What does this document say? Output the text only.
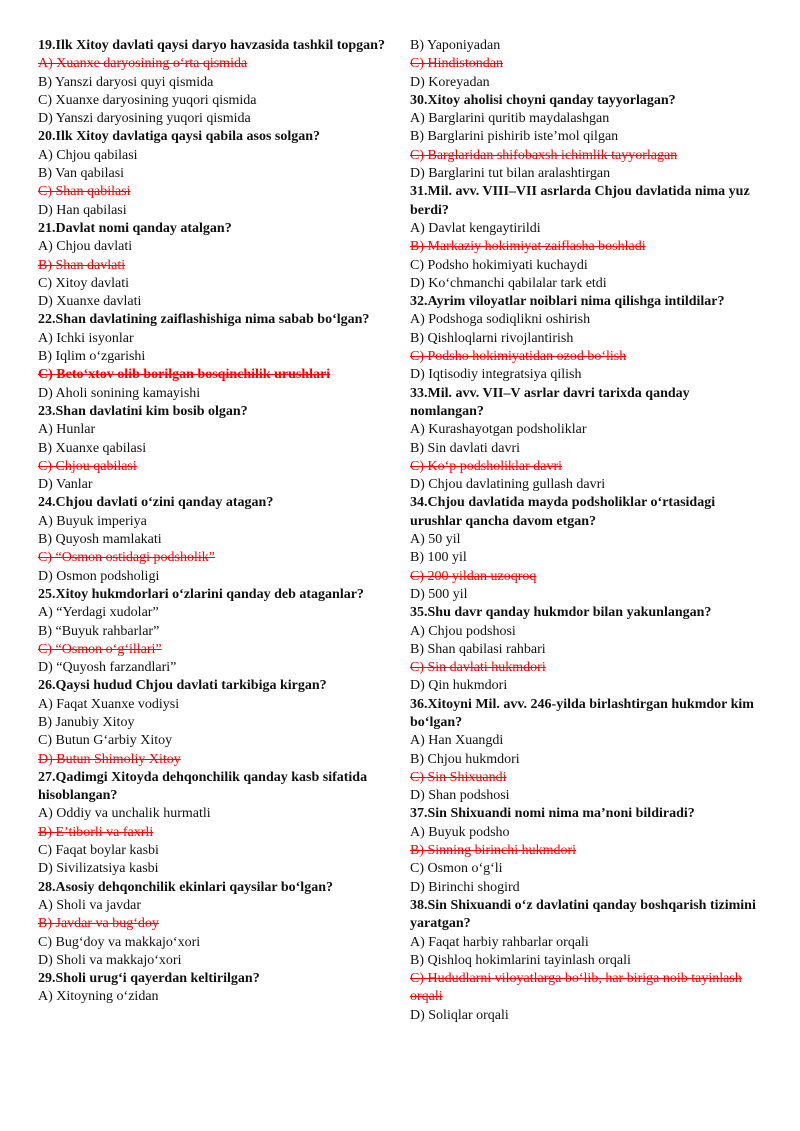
19.Ilk Xitoy davlati qaysi daryo havzasida tashkil topgan?
A) Xuanxe daryosining o‘rta qismida
B) Yanszi daryosi quyi qismida
C) Xuanxe daryosining yuqori qismida
D) Yanszi daryosining yuqori qismida
20.Ilk Xitoy davlatiga qaysi qabila asos solgan?
A) Chjou qabilasi
B) Van qabilasi
C) Shan qabilasi
D) Han qabilasi
21.Davlat nomi qanday atalgan?
A) Chjou davlati
B) Shan davlati
C) Xitoy davlati
D) Xuanxe davlati
22.Shan davlatining zaiflashishiga nima sabab bo‘lgan?
A) Ichki isyonlar
B) Iqlim o‘zgarishi
C) Beto‘xtov olib borilgan bosqinchilik urushlari
D) Aholi sonining kamayishi
23.Shan davlatini kim bosib olgan?
A) Hunlar
B) Xuanxe qabilasi
C) Chjou qabilasi
D) Vanlar
24.Chjou davlati o‘zini qanday atagan?
A) Buyuk imperiya
B) Quyosh mamlakati
C) “Osmon ostidagi podsholik”
D) Osmon podsholigi
25.Xitoy hukmdorlari o‘zlarini qanday deb ataganlar?
A) “Yerdagi xudolar”
B) “Buyuk rahbarlar”
C) “Osmon o‘g‘illari”
D) “Quyosh farzandlari”
26.Qaysi hudud Chjou davlati tarkibiga kirgan?
A) Faqat Xuanxe vodiysi
B) Janubiy Xitoy
C) Butun G‘arbiy Xitoy
D) Butun Shimoliy Xitoy
27.Qadimgi Xitoyda dehqonchilik qanday kasb sifatida hisoblangan?
A) Oddiy va unchalik hurmatli
B) E’tiborli va faxrli
C) Faqat boylar kasbi
D) Sivilizatsiya kasbi
28.Asosiy dehqonchilik ekinlari qaysilar bo‘lgan?
A) Sholi va javdar
B) Javdar va bug‘doy
C) Bug‘doy va makkajo‘xori
D) Sholi va makkajo‘xori
29.Sholi urug‘i qayerdan keltirilgan?
A) Xitoyning o‘zidan
B) Yaponiyadan
C) Hindistondan
D) Koreyadan
30.Xitoy aholisi choyni qanday tayyorlagan?
A) Barglarini quritib maydalashgan
B) Barglarini pishirib iste’mol qilgan
C) Barglaridan shifobaxsh ichimlik tayyorlagan
D) Barglarini tut bilan aralashtirgan
31.Mil. avv. VIII–VII asrlarda Chjou davlatida nima yuz berdi?
A) Davlat kengaytirildi
B) Markaziy hokimiyat zaiflasha boshladi
C) Podsho hokimiyati kuchaydi
D) Ko‘chmanchi qabilalar tark etdi
32.Ayrim viloyatlar noiblari nima qilishga intildilar?
A) Podshoga sodiqlikni oshirish
B) Qishloqlarni rivojlantirish
C) Podsho hokimiyatidan ozod bo‘lish
D) Iqtisodiy integratsiya qilish
33.Mil. avv. VII–V asrlar davri tarixda qanday nomlangan?
A) Kurashayotgan podsholiklar
B) Sin davlati davri
C) Ko‘p podsholiklar davri
D) Chjou davlatining gullash davri
34.Chjou davlatida mayda podsholiklar o‘rtasidagi urushlar qancha davom etgan?
A) 50 yil
B) 100 yil
C) 200 yildan uzoqroq
D) 500 yil
35.Shu davr qanday hukmdor bilan yakunlangan?
A) Chjou podshosi
B) Shan qabilasi rahbari
C) Sin davlati hukmdori
D) Qin hukmdori
36.Xitoyni Mil. avv. 246-yilda birlashtirgan hukmdor kim bo‘lgan?
A) Han Xuangdi
B) Chjou hukmdori
C) Sin Shixuandi
D) Shan podshosi
37.Sin Shixuandi nomi nima ma’noni bildiradi?
A) Buyuk podsho
B) Sinning birinchi hukmdori
C) Osmon o‘g‘li
D) Birinchi shogird
38.Sin Shixuandi o‘z davlatini qanday boshqarish tizimini yaratgan?
A) Faqat harbiy rahbarlar orqali
B) Qishloq hokimlarini tayinlash orqali
C) Hududlarni viloyatlarga bo‘lib, har biriga noib tayinlash orqali
D) Soliqlar orqali
